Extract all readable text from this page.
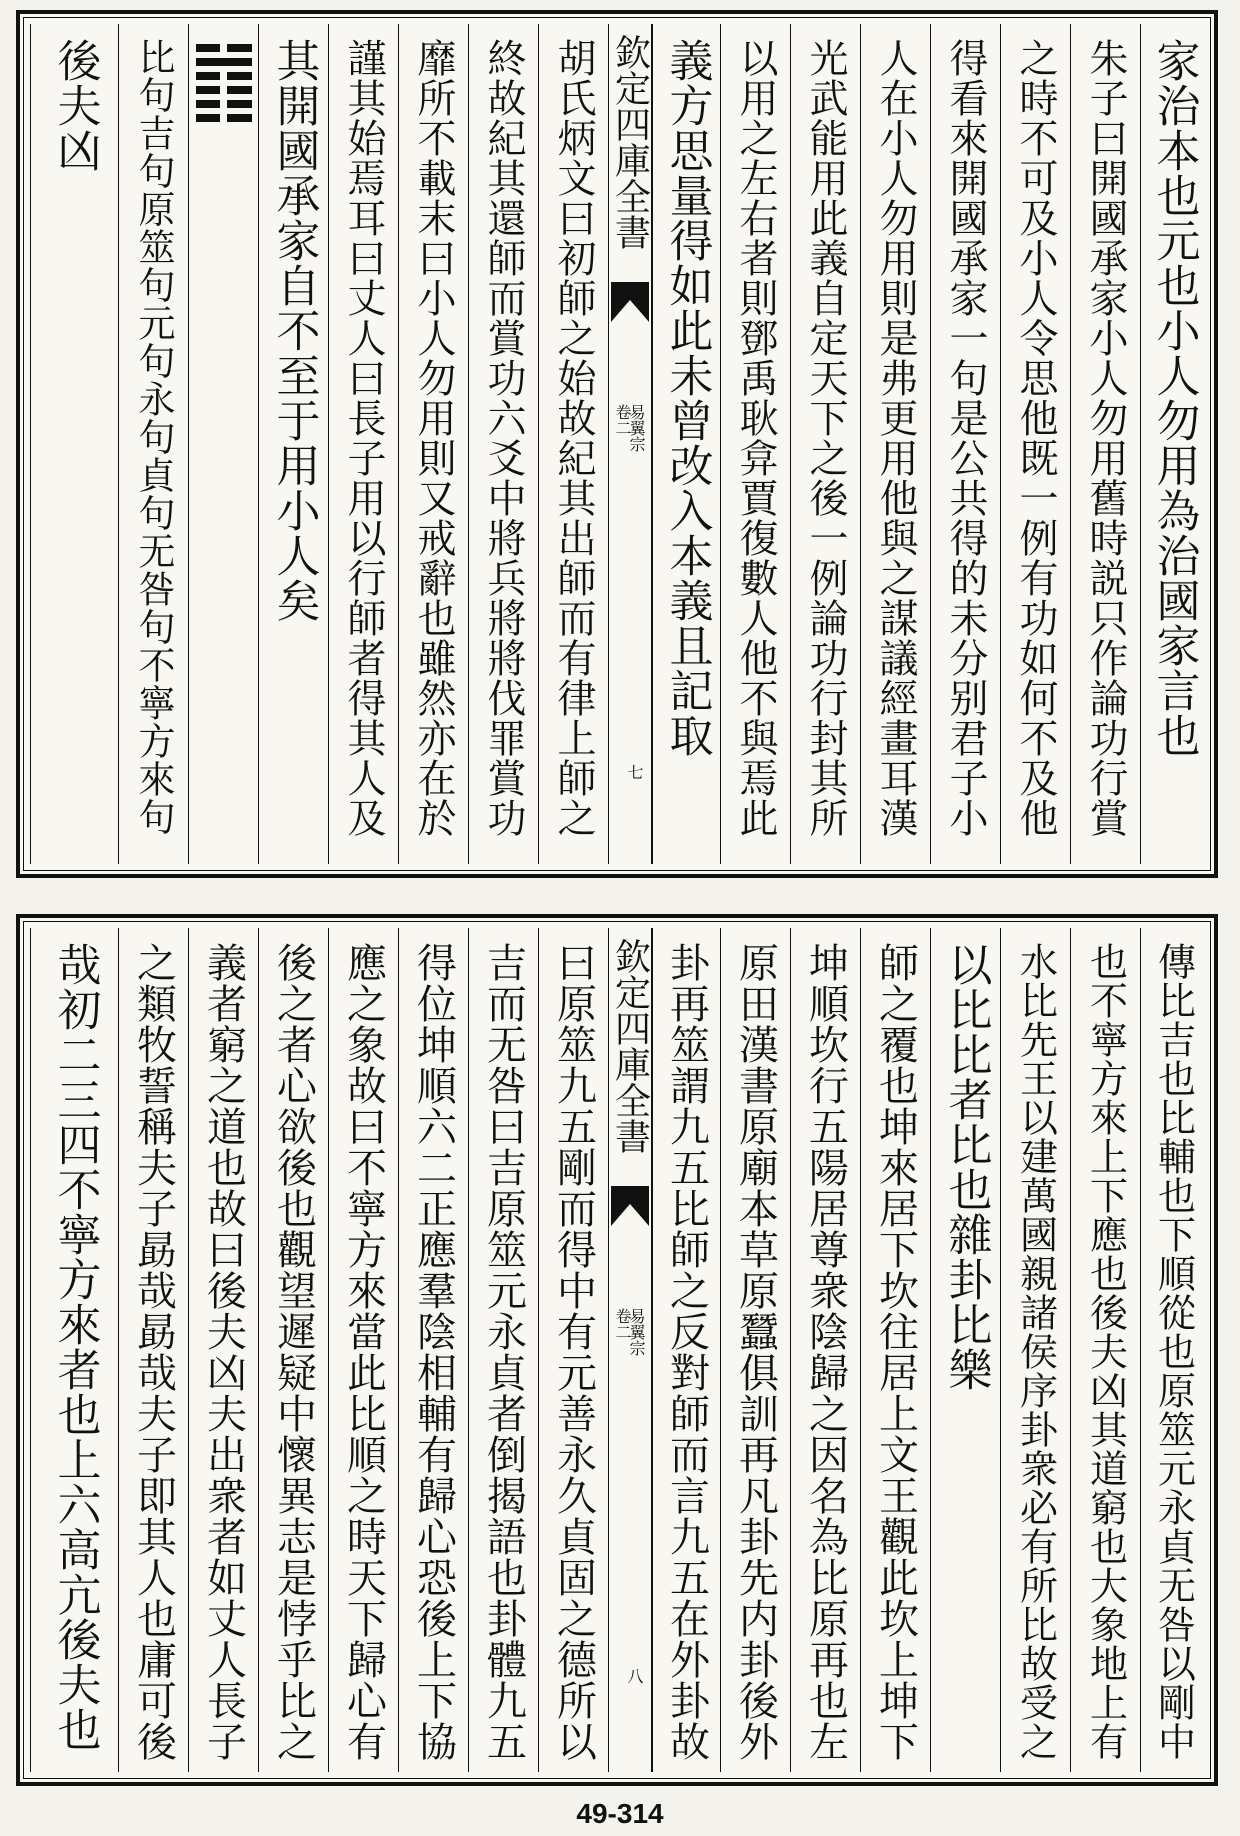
家治本也元也小人勿用為治國家言也
朱子曰開國承家小人勿用舊時説只作論功行賞
之時不可及小人令思他既一例有功如何不及他
得看來開國承家一句是公共得的未分别君子小
人在小人勿用則是弗更用他與之謀議經畫耳漢
光武能用此義自定天下之後一例論功行封其所
以用之左右者則鄧禹耿弇賈復數人他不與焉此
義方思量得如此未曾改入本義且記取
欽定四庫全書
易翼宗
卷二
七
胡氏炳文曰初師之始故紀其出師而有律上師之
終故紀其還師而賞功六爻中將兵將將伐罪賞功
靡所不載末曰小人勿用則又戒辭也雖然亦在於
謹其始焉耳曰丈人曰長子用以行師者得其人及
其開國承家自不至于用小人矣
比句吉句原筮句元句永句貞句无咎句不寧方來句
後夫凶
傳比吉也比輔也下順從也原筮元永貞无咎以剛中
也不寧方來上下應也後夫凶其道窮也大象地上有
水比先王以建萬國親諸侯序卦衆必有所比故受之
以比比者比也雜卦比樂
師之覆也坤來居下坎往居上文王觀此坎上坤下
坤順坎行五陽居尊衆陰歸之因名為比原再也左
原田漢書原廟本草原蠶俱訓再凡卦先内卦後外
卦再筮謂九五比師之反對師而言九五在外卦故
欽定四庫全書
易翼宗
卷二
八
曰原筮九五剛而得中有元善永久貞固之德所以
吉而无咎曰吉原筮元永貞者倒揭語也卦體九五
得位坤順六二正應羣陰相輔有歸心恐後上下協
應之象故曰不寧方來當此比順之時天下歸心有
後之者心欲後也觀望遲疑中懷異志是悖乎比之
義者窮之道也故曰後夫凶夫出衆者如丈人長子
之類牧誓稱夫子勗哉勗哉夫子即其人也庸可後
哉初二三四不寧方來者也上六高亢後夫也
49-314
